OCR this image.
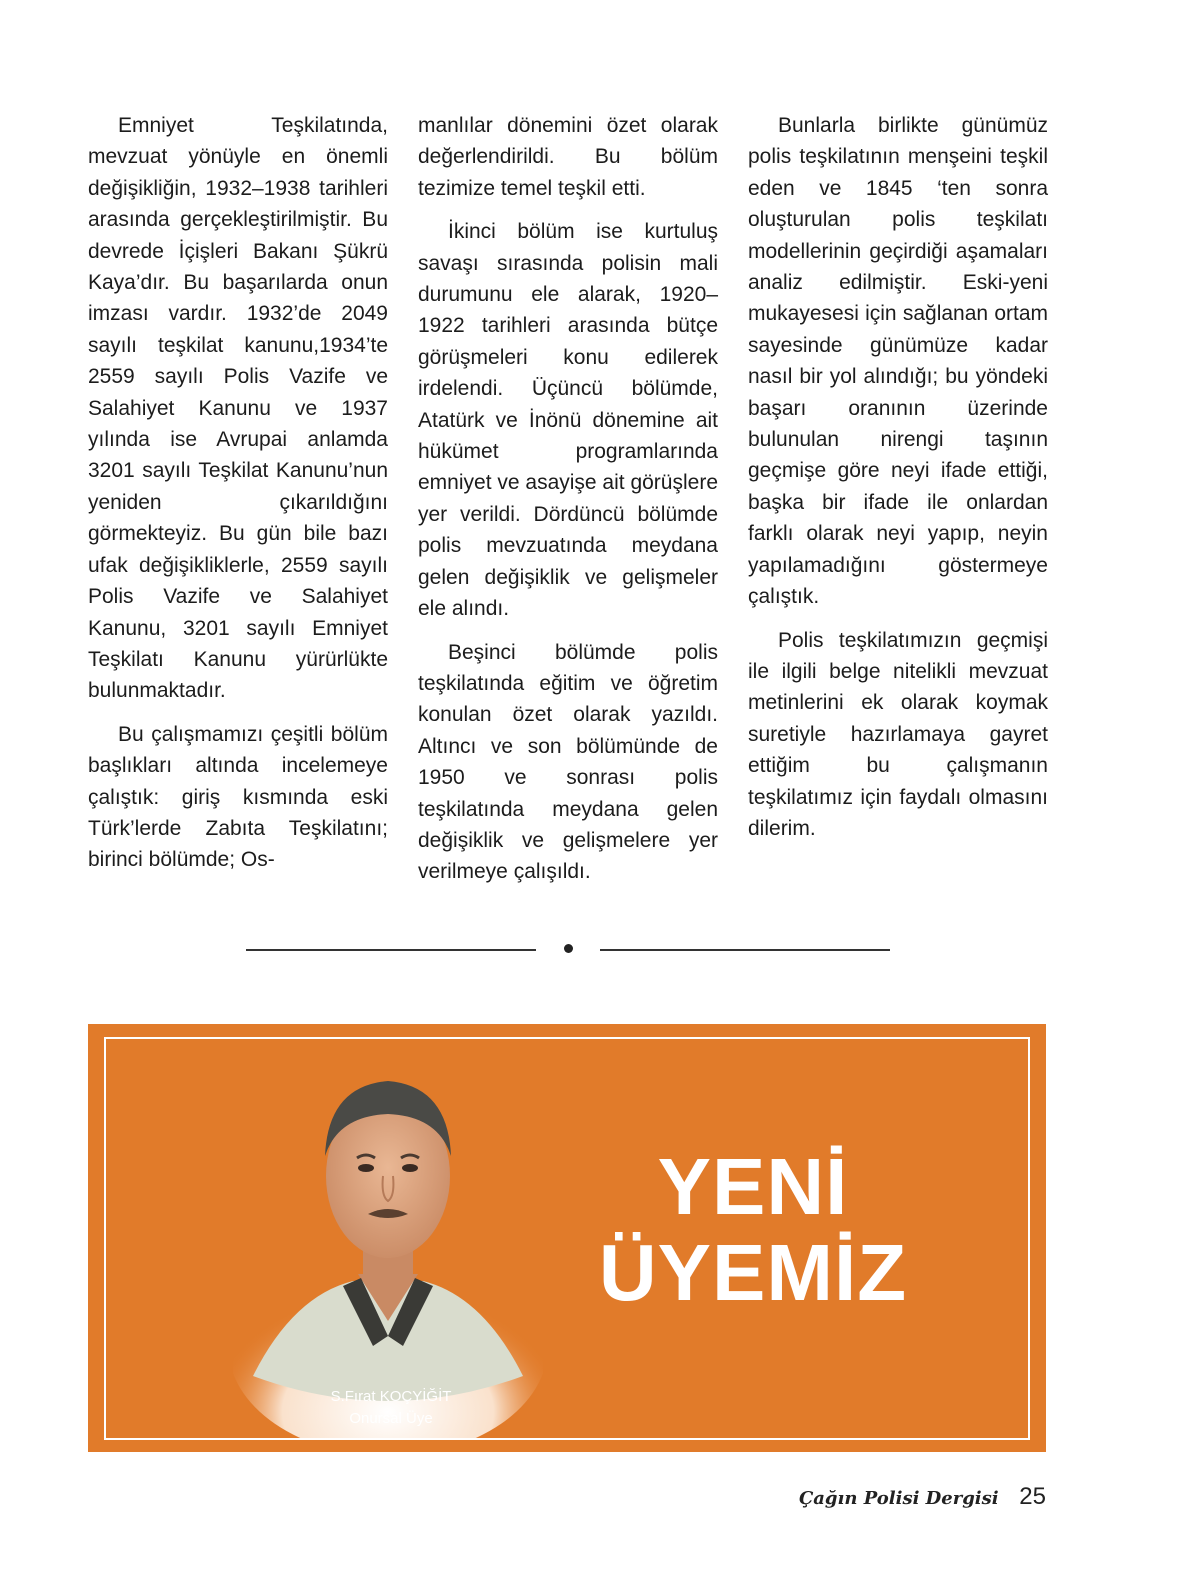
Emniyet Teşkilatında, mevzuat yönüyle en önemli değişikliğin, 1932–1938 tarihleri arasında gerçekleştirilmiştir. Bu devrede İçişleri Bakanı Şükrü Kaya’dır. Bu başarılarda onun imzası vardır. 1932’de 2049 sayılı teşkilat kanunu,1934’te 2559 sayılı Polis Vazife ve Salahiyet Kanunu ve 1937 yılında ise Avrupai anlamda 3201 sayılı Teşkilat Kanunu’nun yeniden çıkarıldığını görmekteyiz. Bu gün bile bazı ufak değişikliklerle, 2559 sayılı Polis Vazife ve Salahiyet Kanunu, 3201 sayılı Emniyet Teşkilatı Kanunu yürürlükte bulunmaktadır.

Bu çalışmamızı çeşitli bölüm başlıkları altında incelemeye çalıştık: giriş kısmında eski Türk’lerde Zabıta Teşkilatını; birinci bölümde; Os-

manlılar dönemini özet olarak değerlendirildi. Bu bölüm tezimize temel teşkil etti.

İkinci bölüm ise kurtuluş savaşı sırasında polisin mali durumunu ele alarak, 1920–1922 tarihleri arasında bütçe görüşmeleri konu edilerek irdelendi. Üçüncü bölümde, Atatürk ve İnönü dönemine ait hükümet programlarında emniyet ve asayişe ait görüşlere yer verildi. Dördüncü bölümde polis mevzuatında meydana gelen değişiklik ve gelişmeler ele alındı.

Beşinci bölümde polis teşkilatında eğitim ve öğretim konulan özet olarak yazıldı. Altıncı ve son bölümünde de 1950 ve sonrası polis teşkilatında meydana gelen değişiklik ve gelişmelere yer verilmeye çalışıldı.

Bunlarla birlikte günümüz polis teşkilatının menşeini teşkil eden ve 1845 ‘ten sonra oluşturulan polis teşkilatı modellerinin geçirdiği aşamaları analiz edilmiştir. Eski-yeni mukayesesi için sağlanan ortam sayesinde günümüze kadar nasıl bir yol alındığı; bu yöndeki başarı oranının üzerinde bulunulan nirengi taşının geçmişe göre neyi ifade ettiği, başka bir ifade ile onlardan farklı olarak neyi yapıp, neyin yapılamadığını göstermeye çalıştık.

Polis teşkilatımızın geçmişi ile ilgili belge nitelikli mevzuat metinlerini ek olarak koymak suretiyle hazırlamaya gayret ettiğim bu çalışmanın teşkilatımız için faydalı olmasını dilerim.

YENİ
ÜYEMİZ
S.Fırat KOÇYİĞİT
Onursal Üye
Çağın Polisi Dergisi 25
